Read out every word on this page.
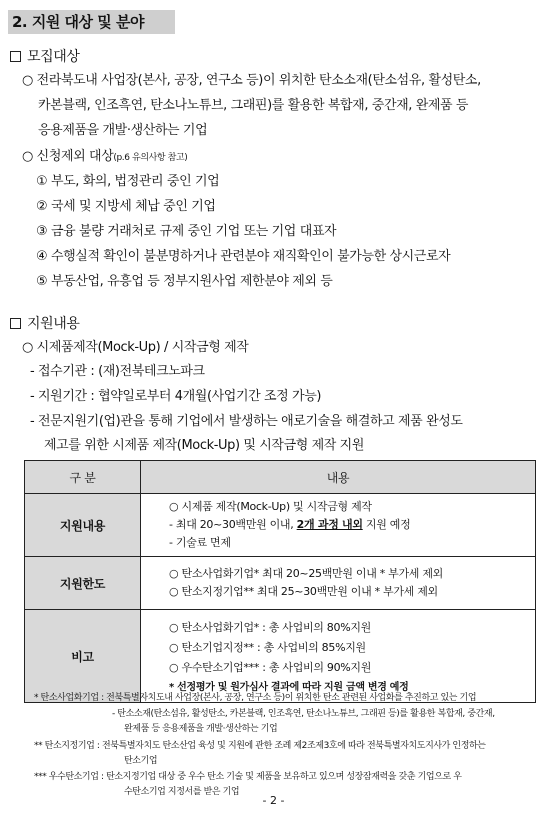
2. 지원 대상 및 분야
모집대상
○ 전라북도내 사업장(본사, 공장, 연구소 등)이 위치한 탄소소재(탄소섬유, 활성탄소,
카본블랙, 인조흑연, 탄소나노튜브, 그래핀)를 활용한 복합재, 중간재, 완제품 등
응용제품을 개발·생산하는 기업
○ 신청제외 대상(p.6 유의사항 참고)
① 부도, 화의, 법정관리 중인 기업
② 국세 및 지방세 체납 중인 기업
③ 금융 불량 거래처로 규제 중인 기업 또는 기업 대표자
④ 수행실적 확인이 불분명하거나 관련분야 재직확인이 불가능한 상시근로자
⑤ 부동산업, 유흥업 등 정부지원사업 제한분야 제외 등
지원내용
○ 시제품제작(Mock-Up) / 시작금형 제작
- 접수기관 : (재)전북테크노파크
- 지원기간 : 협약일로부터 4개월(사업기간 조정 가능)
- 전문지원기(업)관을 통해 기업에서 발생하는 애로기술을 해결하고 제품 완성도
제고를 위한 시제품 제작(Mock-Up) 및 시작금형 제작 지원
구 분	내용
지원내용	○ 시제품 제작(Mock-Up) 및 시작금형 제작
- 최대 20~30백만원 이내, 2개 과정 내외 지원 예정
- 기술료 면제

지원한도	○ 탄소사업화기업* 최대 20~25백만원 이내 * 부가세 제외
○ 탄소지정기업** 최대 25~30백만원 이내 * 부가세 제외

비고	○ 탄소사업화기업* : 총 사업비의 80%지원
○ 탄소기업지정** : 총 사업비의 85%지원
○ 우수탄소기업*** : 총 사업비의 90%지원
* 선정평가 및 원가심사 결과에 따라 지원 금액 변경 예정
* 탄소사업화기업 : 전북특별자치도내 사업장(본사, 공장, 연구소 등)이 위치한 탄소 관련된 사업화를 추진하고 있는 기업
- 탄소소재(탄소섬유, 활성탄소, 카본블랙, 인조흑연, 탄소나노튜브, 그래핀 등)를 활용한 복합재, 중간재,
완제품 등 응용제품을 개발·생산하는 기업
** 탄소지정기업 : 전북특별자치도 탄소산업 육성 및 지원에 관한 조례 제2조제3호에 따라 전북특별자치도지사가 인정하는
탄소기업
*** 우수탄소기업 : 탄소지정기업 대상 중 우수 탄소 기술 및 제품을 보유하고 있으며 성장잠재력을 갖춘 기업으로 우
수탄소기업 지정서를 받은 기업
- 2 -
